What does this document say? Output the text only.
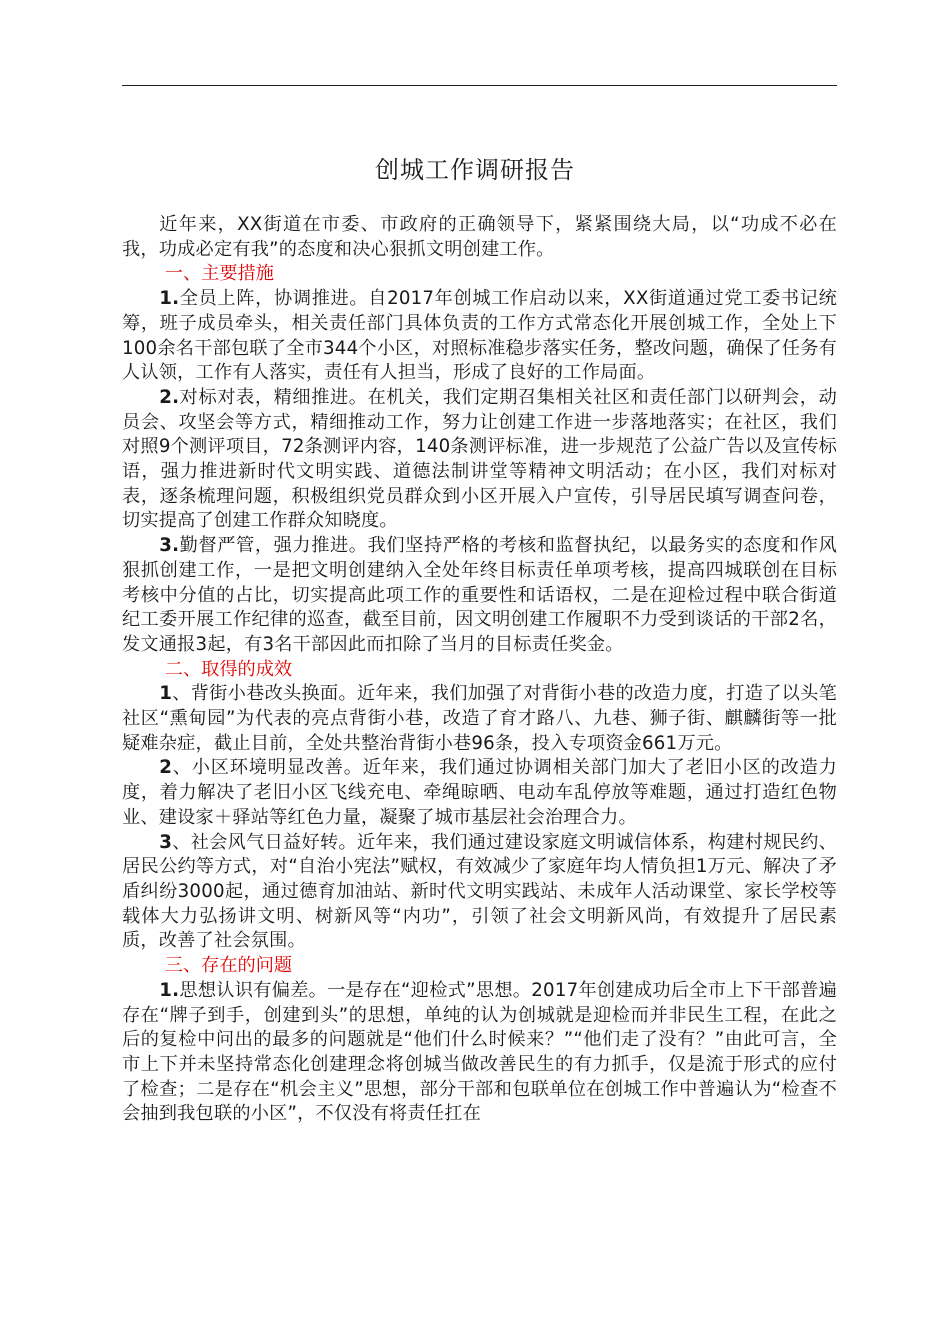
创城工作调研报告

近年来，XX街道在市委、市政府的正确领导下，紧紧围绕大局，以“功成不必在我，功成必定有我”的态度和决心狠抓文明创建工作。

一、主要措施

1.全员上阵，协调推进。自2017年创城工作启动以来，XX街道通过党工委书记统筹，班子成员牵头，相关责任部门具体负责的工作方式常态化开展创城工作，全处上下100余名干部包联了全市344个小区，对照标准稳步落实任务，整改问题，确保了任务有人认领，工作有人落实，责任有人担当，形成了良好的工作局面。

2.对标对表，精细推进。在机关，我们定期召集相关社区和责任部门以研判会，动员会、攻坚会等方式，精细推动工作，努力让创建工作进一步落地落实；在社区，我们对照9个测评项目，72条测评内容，140条测评标准，进一步规范了公益广告以及宣传标语，强力推进新时代文明实践、道德法制讲堂等精神文明活动；在小区，我们对标对表，逐条梳理问题，积极组织党员群众到小区开展入户宣传，引导居民填写调查问卷，切实提高了创建工作群众知晓度。

3.勤督严管，强力推进。我们坚持严格的考核和监督执纪，以最务实的态度和作风狠抓创建工作，一是把文明创建纳入全处年终目标责任单项考核，提高四城联创在目标考核中分值的占比，切实提高此项工作的重要性和话语权，二是在迎检过程中联合街道纪工委开展工作纪律的巡查，截至目前，因文明创建工作履职不力受到谈话的干部2名，发文通报3起，有3名干部因此而扣除了当月的目标责任奖金。

二、取得的成效

1、背街小巷改头换面。近年来，我们加强了对背街小巷的改造力度，打造了以头笔社区“熏甸园”为代表的亮点背街小巷，改造了育才路八、九巷、狮子街、麒麟街等一批疑难杂症，截止目前，全处共整治背街小巷96条，投入专项资金661万元。

2、小区环境明显改善。近年来，我们通过协调相关部门加大了老旧小区的改造力度，着力解决了老旧小区飞线充电、牵绳晾晒、电动车乱停放等难题，通过打造红色物业、建设家＋驿站等红色力量，凝聚了城市基层社会治理合力。

3、社会风气日益好转。近年来，我们通过建设家庭文明诚信体系，构建村规民约、居民公约等方式，对“自治小宪法”赋权，有效减少了家庭年均人情负担1万元、解决了矛盾纠纷3000起，通过德育加油站、新时代文明实践站、未成年人活动课堂、家长学校等载体大力弘扬讲文明、树新风等“内功”，引领了社会文明新风尚，有效提升了居民素质，改善了社会氛围。

三、存在的问题

1.思想认识有偏差。一是存在“迎检式”思想。2017年创建成功后全市上下干部普遍存在“牌子到手，创建到头”的思想，单纯的认为创城就是迎检而并非民生工程，在此之后的复检中问出的最多的问题就是“他们什么时候来？”“他们走了没有？”由此可言，全市上下并未坚持常态化创建理念将创城当做改善民生的有力抓手，仅是流于形式的应付了检查；二是存在“机会主义”思想，部分干部和包联单位在创城工作中普遍认为“检查不会抽到我包联的小区”，不仅没有将责任扛在
